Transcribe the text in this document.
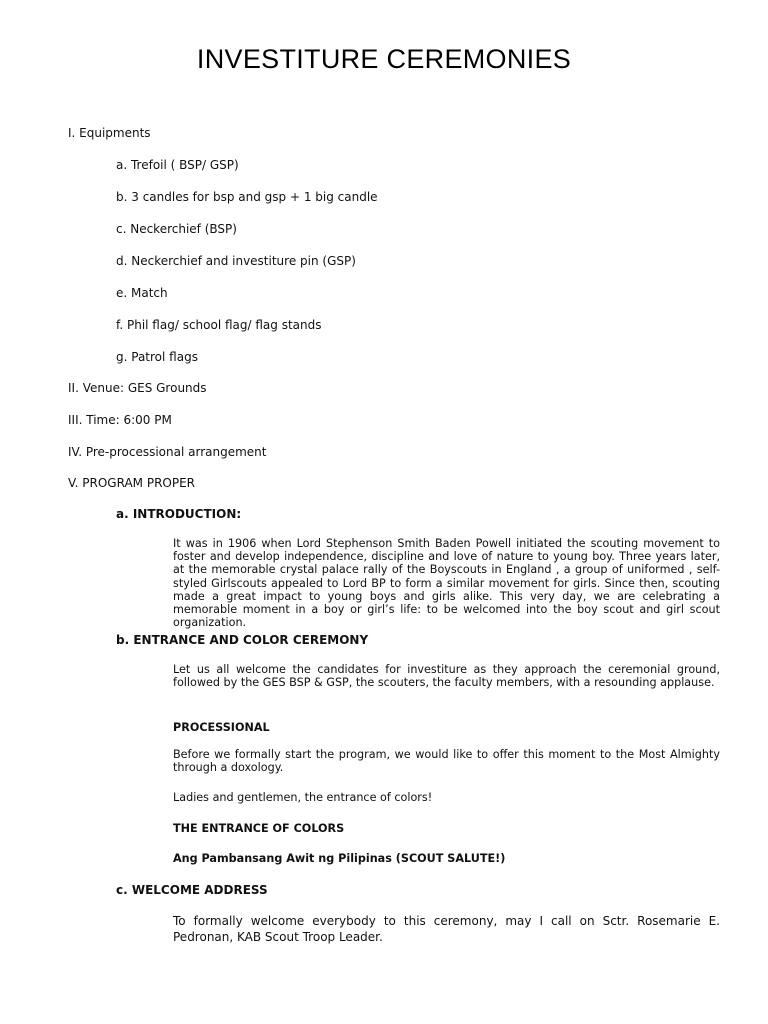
INVESTITURE CEREMONIES
I. Equipments
a. Trefoil ( BSP/ GSP)
b. 3 candles for bsp and gsp + 1 big candle
c. Neckerchief (BSP)
d. Neckerchief and investiture pin (GSP)
e. Match
f. Phil flag/ school flag/ flag stands
g. Patrol flags
II. Venue: GES Grounds
III. Time: 6:00 PM
IV. Pre-processional arrangement
V. PROGRAM PROPER
a. INTRODUCTION:
It was in 1906 when Lord Stephenson Smith Baden Powell initiated the scouting movement to foster and develop independence, discipline and love of nature to young boy. Three years later, at the memorable crystal palace rally of the Boyscouts in England , a group of uniformed , self-styled Girlscouts appealed to Lord BP to form a similar movement for girls. Since then, scouting made a great impact to young boys and girls alike. This very day, we are celebrating a memorable moment in a boy or girl’s life: to be welcomed into the boy scout and girl scout organization.
b. ENTRANCE AND COLOR CEREMONY
Let us all welcome the candidates for investiture as they approach the ceremonial ground, followed by the GES BSP & GSP, the scouters, the faculty members, with a resounding applause.
PROCESSIONAL
Before we formally start the program, we would like to offer this moment to the Most Almighty through a doxology.
Ladies and gentlemen, the entrance of colors!
THE ENTRANCE OF COLORS
Ang Pambansang Awit ng Pilipinas (SCOUT SALUTE!)
c. WELCOME ADDRESS
To formally welcome everybody to this ceremony, may I call on Sctr. Rosemarie E. Pedronan, KAB Scout Troop Leader.
